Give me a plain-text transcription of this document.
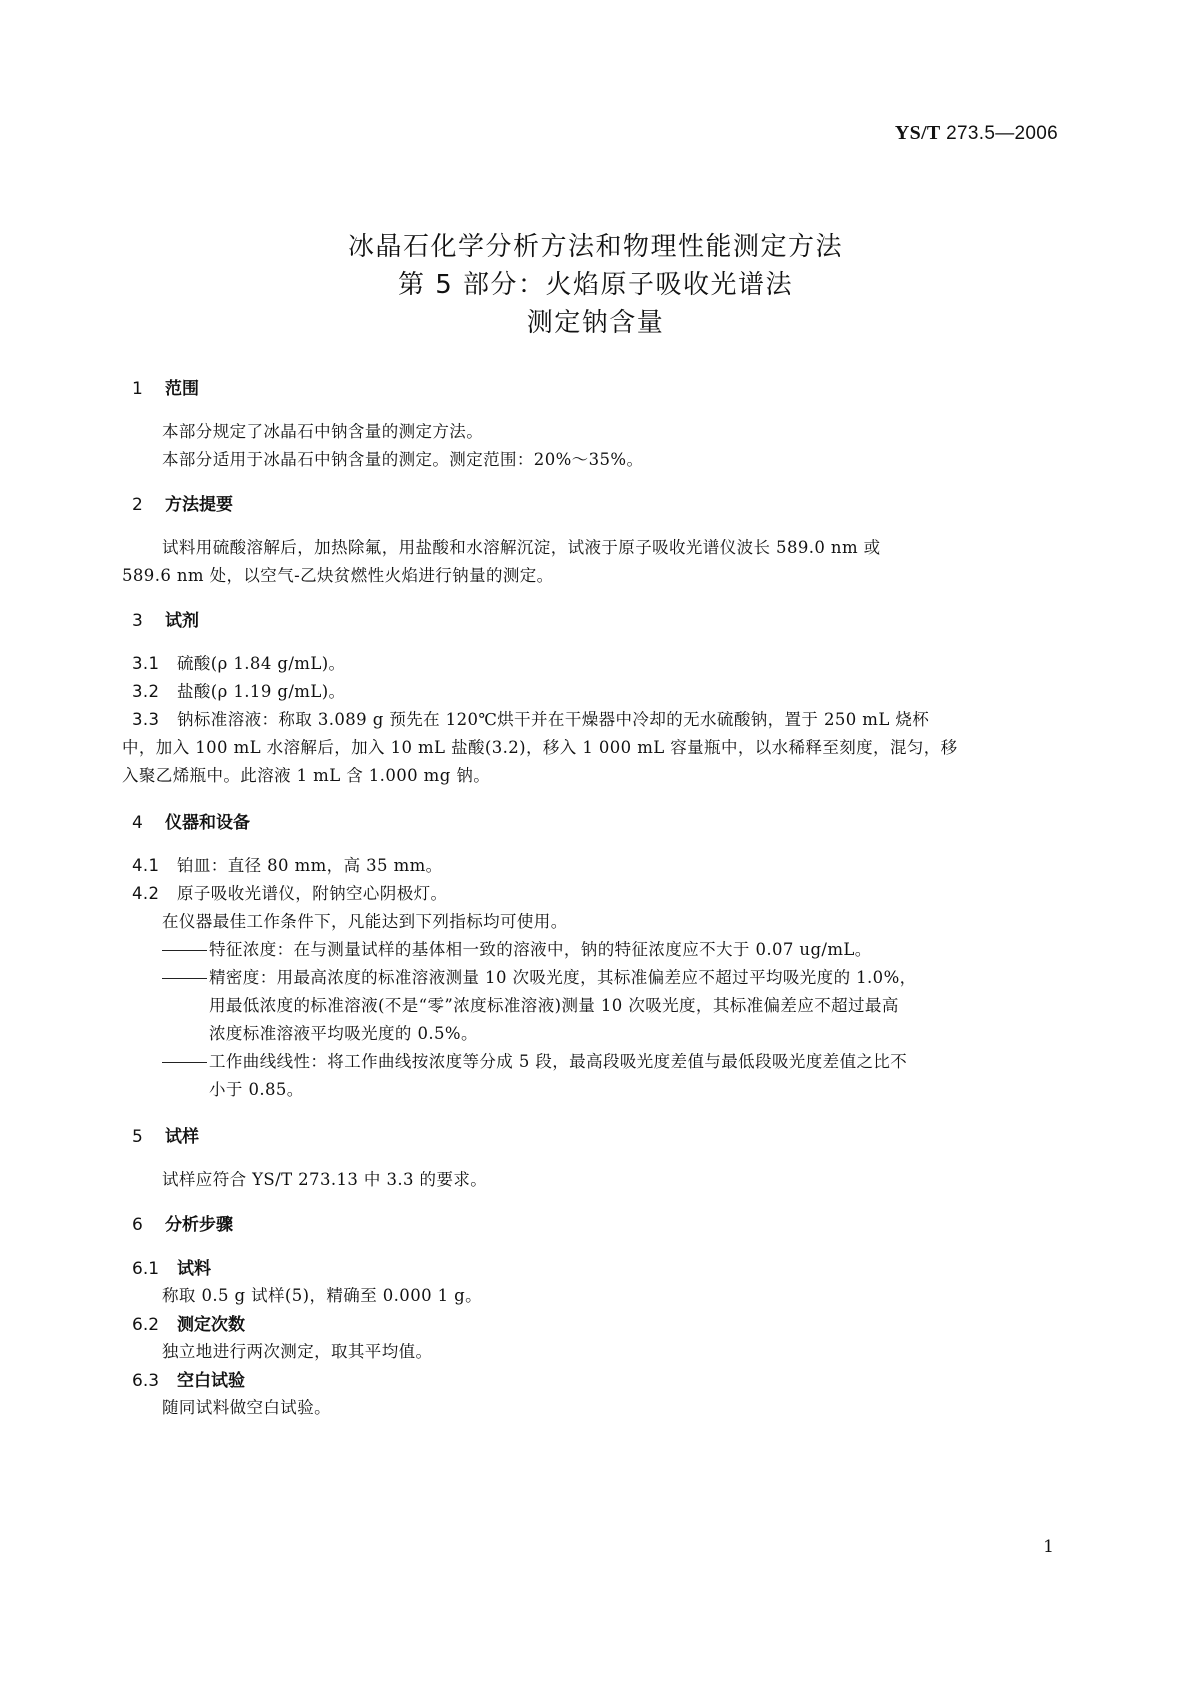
YS/T 273.5—2006
冰晶石化学分析方法和物理性能测定方法
第 5 部分：火焰原子吸收光谱法
测定钠含量
1 范围
本部分规定了冰晶石中钠含量的测定方法。
本部分适用于冰晶石中钠含量的测定。测定范围：20%～35%。
2 方法提要
试料用硫酸溶解后，加热除氟，用盐酸和水溶解沉淀，试液于原子吸收光谱仪波长 589.0 nm 或
589.6 nm 处，以空气-乙炔贫燃性火焰进行钠量的测定。
3 试剂
3.1 硫酸(ρ 1.84 g/mL)。
3.2 盐酸(ρ 1.19 g/mL)。
3.3 钠标准溶液：称取 3.089 g 预先在 120℃烘干并在干燥器中冷却的无水硫酸钠，置于 250 mL 烧杯
中，加入 100 mL 水溶解后，加入 10 mL 盐酸(3.2)，移入 1 000 mL 容量瓶中，以水稀释至刻度，混匀，移
入聚乙烯瓶中。此溶液 1 mL 含 1.000 mg 钠。
4 仪器和设备
4.1 铂皿：直径 80 mm，高 35 mm。
4.2 原子吸收光谱仪，附钠空心阴极灯。
在仪器最佳工作条件下，凡能达到下列指标均可使用。
特征浓度：在与测量试样的基体相一致的溶液中，钠的特征浓度应不大于 0.07 ug/mL。
精密度：用最高浓度的标准溶液测量 10 次吸光度，其标准偏差应不超过平均吸光度的 1.0%，
用最低浓度的标准溶液(不是“零”浓度标准溶液)测量 10 次吸光度，其标准偏差应不超过最高
浓度标准溶液平均吸光度的 0.5%。
工作曲线线性：将工作曲线按浓度等分成 5 段，最高段吸光度差值与最低段吸光度差值之比不
小于 0.85。
5 试样
试样应符合 YS/T 273.13 中 3.3 的要求。
6 分析步骤
6.1 试料
称取 0.5 g 试样(5)，精确至 0.000 1 g。
6.2 测定次数
独立地进行两次测定，取其平均值。
6.3 空白试验
随同试料做空白试验。
1
